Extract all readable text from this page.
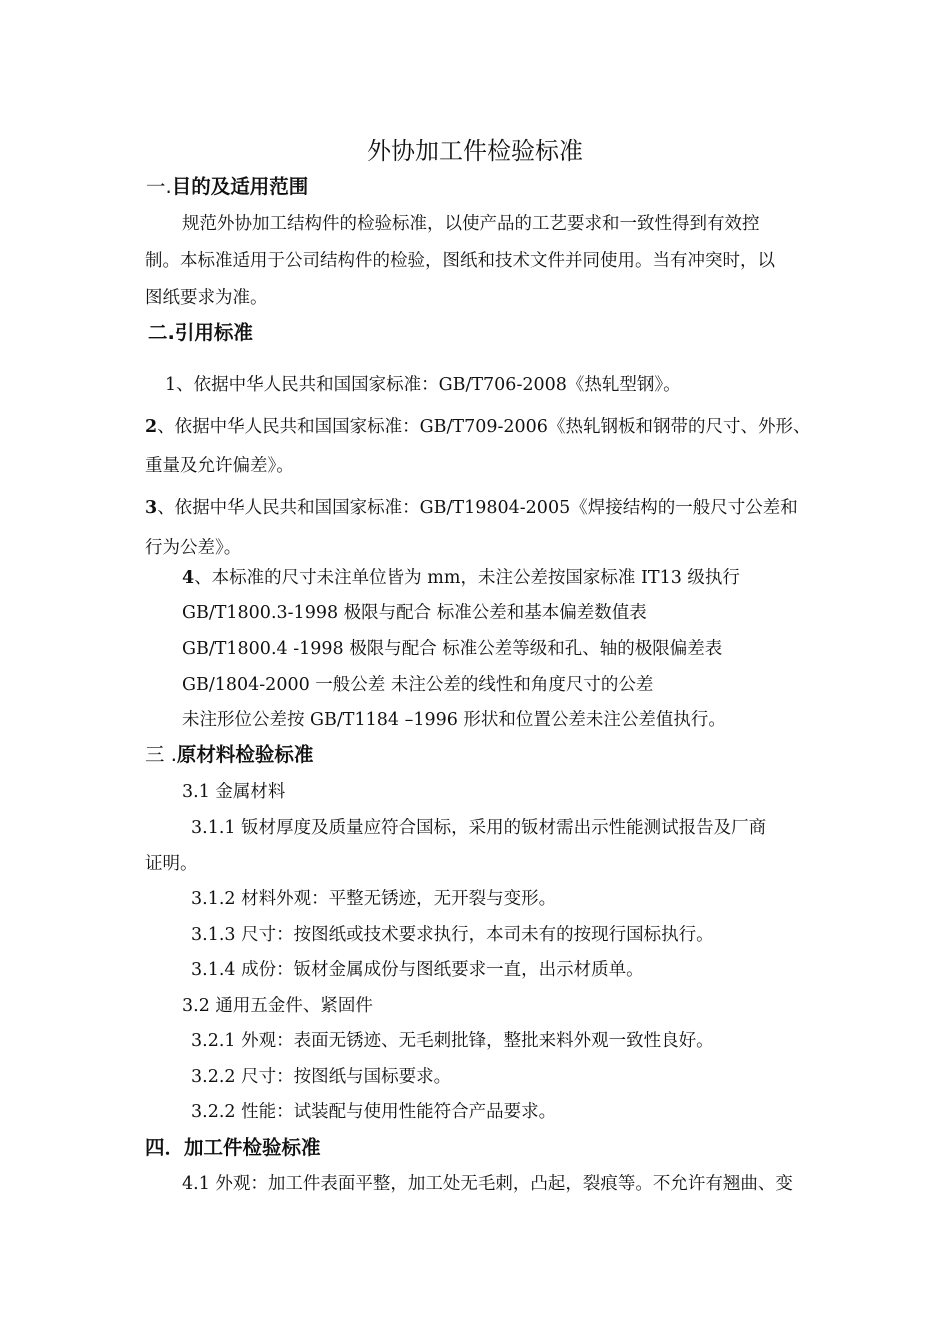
外协加工件检验标准

一.目的及适用范围

规范外协加工结构件的检验标准，以使产品的工艺要求和一致性得到有效控

制。本标准适用于公司结构件的检验，图纸和技术文件并同使用。当有冲突时，以

图纸要求为准。

二.引用标准

1、依据中华人民共和国国家标准：GB/T706-2008《热轧型钢》。

2、依据中华人民共和国国家标准：GB/T709-2006《热轧钢板和钢带的尺寸、外形、

重量及允许偏差》。

3、依据中华人民共和国国家标准：GB/T19804-2005《焊接结构的一般尺寸公差和

行为公差》。

4、本标准的尺寸未注单位皆为 mm，未注公差按国家标准 IT13 级执行

GB/T1800.3-1998 极限与配合 标准公差和基本偏差数值表

GB/T1800.4 -1998 极限与配合 标准公差等级和孔、轴的极限偏差表

GB/1804-2000 一般公差 未注公差的线性和角度尺寸的公差

未注形位公差按 GB/T1184 –1996 形状和位置公差未注公差值执行。

三 .原材料检验标准

3.1 金属材料

3.1.1 钣材厚度及质量应符合国标，采用的钣材需出示性能测试报告及厂商

证明。

3.1.2 材料外观：平整无锈迹，无开裂与变形。

3.1.3 尺寸：按图纸或技术要求执行，本司未有的按现行国标执行。

3.1.4 成份：钣材金属成份与图纸要求一直，出示材质单。

3.2 通用五金件、紧固件

3.2.1 外观：表面无锈迹、无毛刺批锋，整批来料外观一致性良好。

3.2.2 尺寸：按图纸与国标要求。

3.2.2 性能：试装配与使用性能符合产品要求。

四．加工件检验标准

4.1 外观：加工件表面平整，加工处无毛刺，凸起，裂痕等。不允许有翘曲、变
